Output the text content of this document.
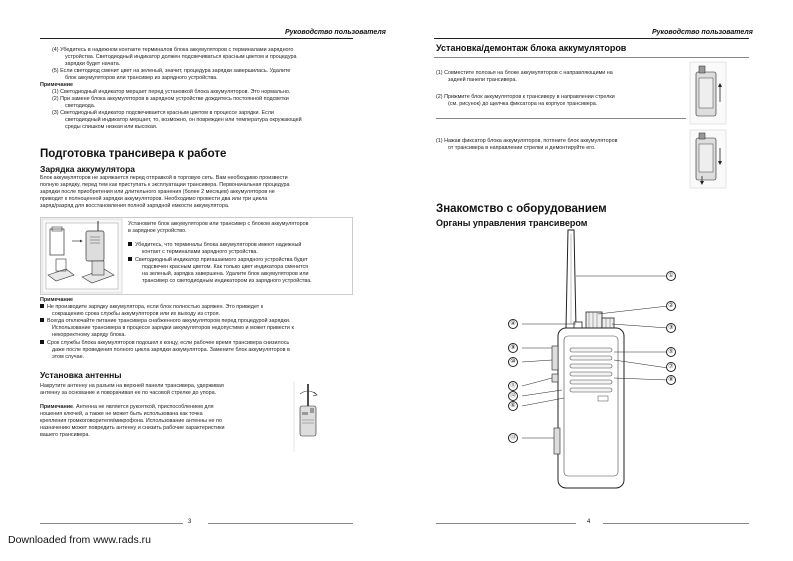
Руководство пользователя
(4) Убедитесь в надежном контакте терминалов блока аккумуляторов с терминалами зарядного
устройства. Светодиодный индикатор должен подсвечиваться красным цветом и процедура
зарядки будет начата.
(5) Если светодиод сменит цвет на зеленый, значит, процедура зарядки завершилась. Удалите
блок аккумуляторов или трансивер из зарядного устройства.
Примечание
(1) Светодиодный индикатор мерцает перед установкой блока аккумуляторов. Это нормально.
(2) При замене блока аккумуляторов в зарядном устройстве дождитесь постоянной подсветки
светодиода.
(3) Светодиодный индикатор подсвечивается красным цветом в процессе зарядки. Если
светодиодный индикатор мерцает, то, возможно, он поврежден или температура окружающей
среды слишком низкая или высокая.
Подготовка трансивера к работе
Зарядка аккумулятора
Блок аккумуляторов не заряжается перед отправкой в торговую сеть. Вам необходимо произвести
полную зарядку, перед тем как приступать к эксплуатации трансивера. Первоначальная процедура
зарядки после приобретения или длительного хранения (более 2 месяцев) аккумуляторов не
приводит к полноценной зарядки аккумуляторов. Необходимо провести два или три цикла
заряд/разряд для восстановления полной зарядной емкости аккумулятора.
Установите блок аккумуляторов или трансивер с блоком аккумуляторов
в зарядное устройство.
Убедитесь, что терминалы блока аккумуляторов имеют надежный
контакт с терминалами зарядного устройства.
Светодиодный индикатор пригашаемого зарядного устройства будет
подсвечен красным цветом. Как только цвет индикатора сменится
на зеленый, зарядка завершена. Удалите блок аккумуляторов или
трансивер со светодиодным индикатором из зарядного устройства.
Примечание
Не производите зарядку аккумулятора, если блок полностью заряжен. Это приведет к
сокращению срока службы аккумуляторов или их выходу из строя.
Всегда отключайте питание трансивера снабженного аккумулятором перед процедурой зарядки.
Использование трансивера в процессе зарядки аккумуляторов недопустимо и может привести к
некорректному заряду блока.
Срок службы блока аккумуляторов подошел к концу, если рабочее время трансивера снизилось
даже после проведения полного цикла зарядки аккумулятора. Замените блок аккумуляторов в
этом случае.
Установка антенны
Накрутите антенну на разъем на верхней панели трансивера, удерживая
антенну за основание и поворачивая ее по часовой стрелке до упора.
Примечание. Антенна не является рукояткой, приспособлением для
ношения ключей, а также не может быть использована как точка
крепления громкоговорителя/микрофона. Использование антенны не по
назначению может повредить антенну и снизить рабочие характеристики
вашего трансивера.
3
Downloaded from www.rads.ru
Руководство пользователя
Установка/демонтаж блока аккумуляторов
(1) Совместите полозья на блоке аккумуляторов с направляющими на
задней панели трансивера.
(2) Прижмите блок аккумуляторов к трансиверу в направлении стрелки
(см. рисунок) до щелчка фиксатора на корпусе трансивера.
(1) Нажав фиксатор блока аккумуляторов, потяните блок аккумуляторов
от трансивера в направлении стрелки и демонтируйте его.
Знакомство с оборудованием
Органы управления трансивером
①
②
③
④
⑤
⑥
⑦
⑧
⑨
⑩
⑪
⑫
⑬
4
